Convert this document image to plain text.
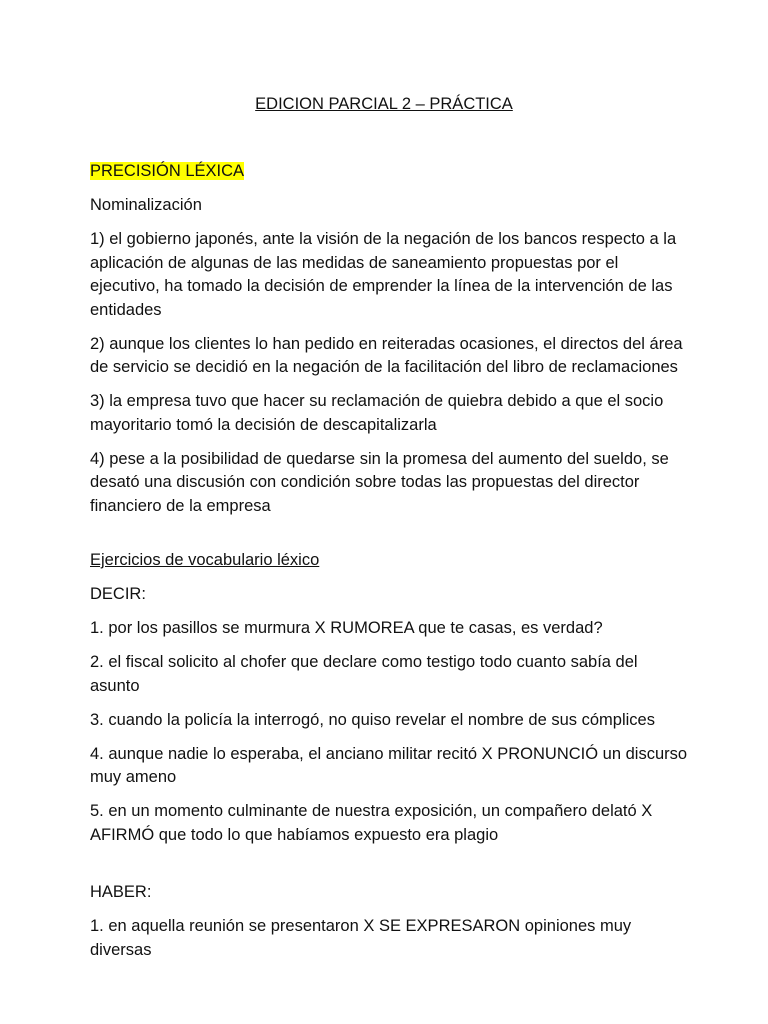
EDICION PARCIAL 2 – PRÁCTICA

PRECISIÓN LÉXICA

Nominalización

1) el gobierno japonés, ante la visión de la negación de los bancos respecto a la aplicación de algunas de las medidas de saneamiento propuestas por el ejecutivo, ha tomado la decisión de emprender la línea de la intervención de las entidades

2) aunque los clientes lo han pedido en reiteradas ocasiones, el directos del área de servicio se decidió en la negación de la facilitación del libro de reclamaciones

3) la empresa tuvo que hacer su reclamación de quiebra debido a que el socio mayoritario tomó la decisión de descapitalizarla

4) pese a la posibilidad de quedarse sin la promesa del aumento del sueldo, se desató una discusión con condición sobre todas las propuestas del director financiero de la empresa

Ejercicios de vocabulario léxico

DECIR:

1. por los pasillos se murmura X RUMOREA que te casas, es verdad?

2. el fiscal solicito al chofer que declare como testigo todo cuanto sabía del asunto

3. cuando la policía la interrogó, no quiso revelar el nombre de sus cómplices

4. aunque nadie lo esperaba, el anciano militar recitó X PRONUNCIÓ un discurso muy ameno

5. en un momento culminante de nuestra exposición, un compañero delató X AFIRMÓ que todo lo que habíamos expuesto era plagio

HABER:

1. en aquella reunión se presentaron X SE EXPRESARON opiniones muy diversas
